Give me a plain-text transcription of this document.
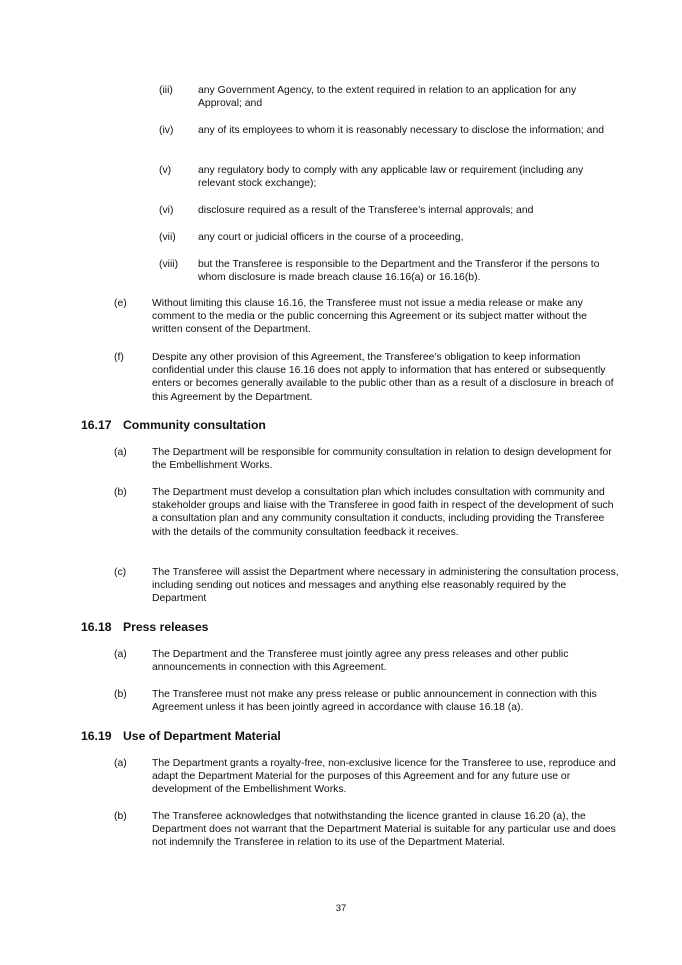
(iii) any Government Agency, to the extent required in relation to an application for any Approval; and
(iv) any of its employees to whom it is reasonably necessary to disclose the information; and
(v)	any regulatory body to comply with any applicable law or requirement (including any relevant stock exchange);
(vi) disclosure required as a result of the Transferee’s internal approvals; and
(vii) any court or judicial officers in the course of a proceeding,
(viii) but the Transferee is responsible to the Department and the Transferor if the persons to whom disclosure is made breach clause 16.16(a) or 16.16(b).
(e) Without limiting this clause 16.16, the Transferee must not issue a media release or make any comment to the media or the public concerning this Agreement or its subject matter without the written consent of the Department.
(f)	Despite any other provision of this Agreement, the Transferee’s obligation to keep information confidential under this clause 16.16 does not apply to information that has entered or subsequently enters or becomes generally available to the public other than as a result of a disclosure in breach of this Agreement by the Department.
16.17 Community consultation
(a) The Department will be responsible for community consultation in relation to design development for the Embellishment Works.
(b) The Department must develop a consultation plan which includes consultation with community and stakeholder groups and liaise with the Transferee in good faith in respect of the development of such a consultation plan and any community consultation it conducts, including providing the Transferee with the details of the community consultation feedback it receives.
(c) The Transferee will assist the Department where necessary in administering the consultation process, including sending out notices and messages and anything else reasonably required by the Department
16.18 Press releases
(a) The Department and the Transferee must jointly agree any press releases and other public announcements in connection with this Agreement.
(b) The Transferee must not make any press release or public announcement in connection with this Agreement unless it has been jointly agreed in accordance with clause 16.18 (a).
16.19 Use of Department Material
(a) The Department grants a royalty-free, non-exclusive licence for the Transferee to use, reproduce and adapt the Department Material for the purposes of this Agreement and for any future use or development of the Embellishment Works.
(b) The Transferee acknowledges that notwithstanding the licence granted in clause 16.20 (a), the Department does not warrant that the Department Material is suitable for any particular use and does not indemnify the Transferee in relation to its use of the Department Material.
37
